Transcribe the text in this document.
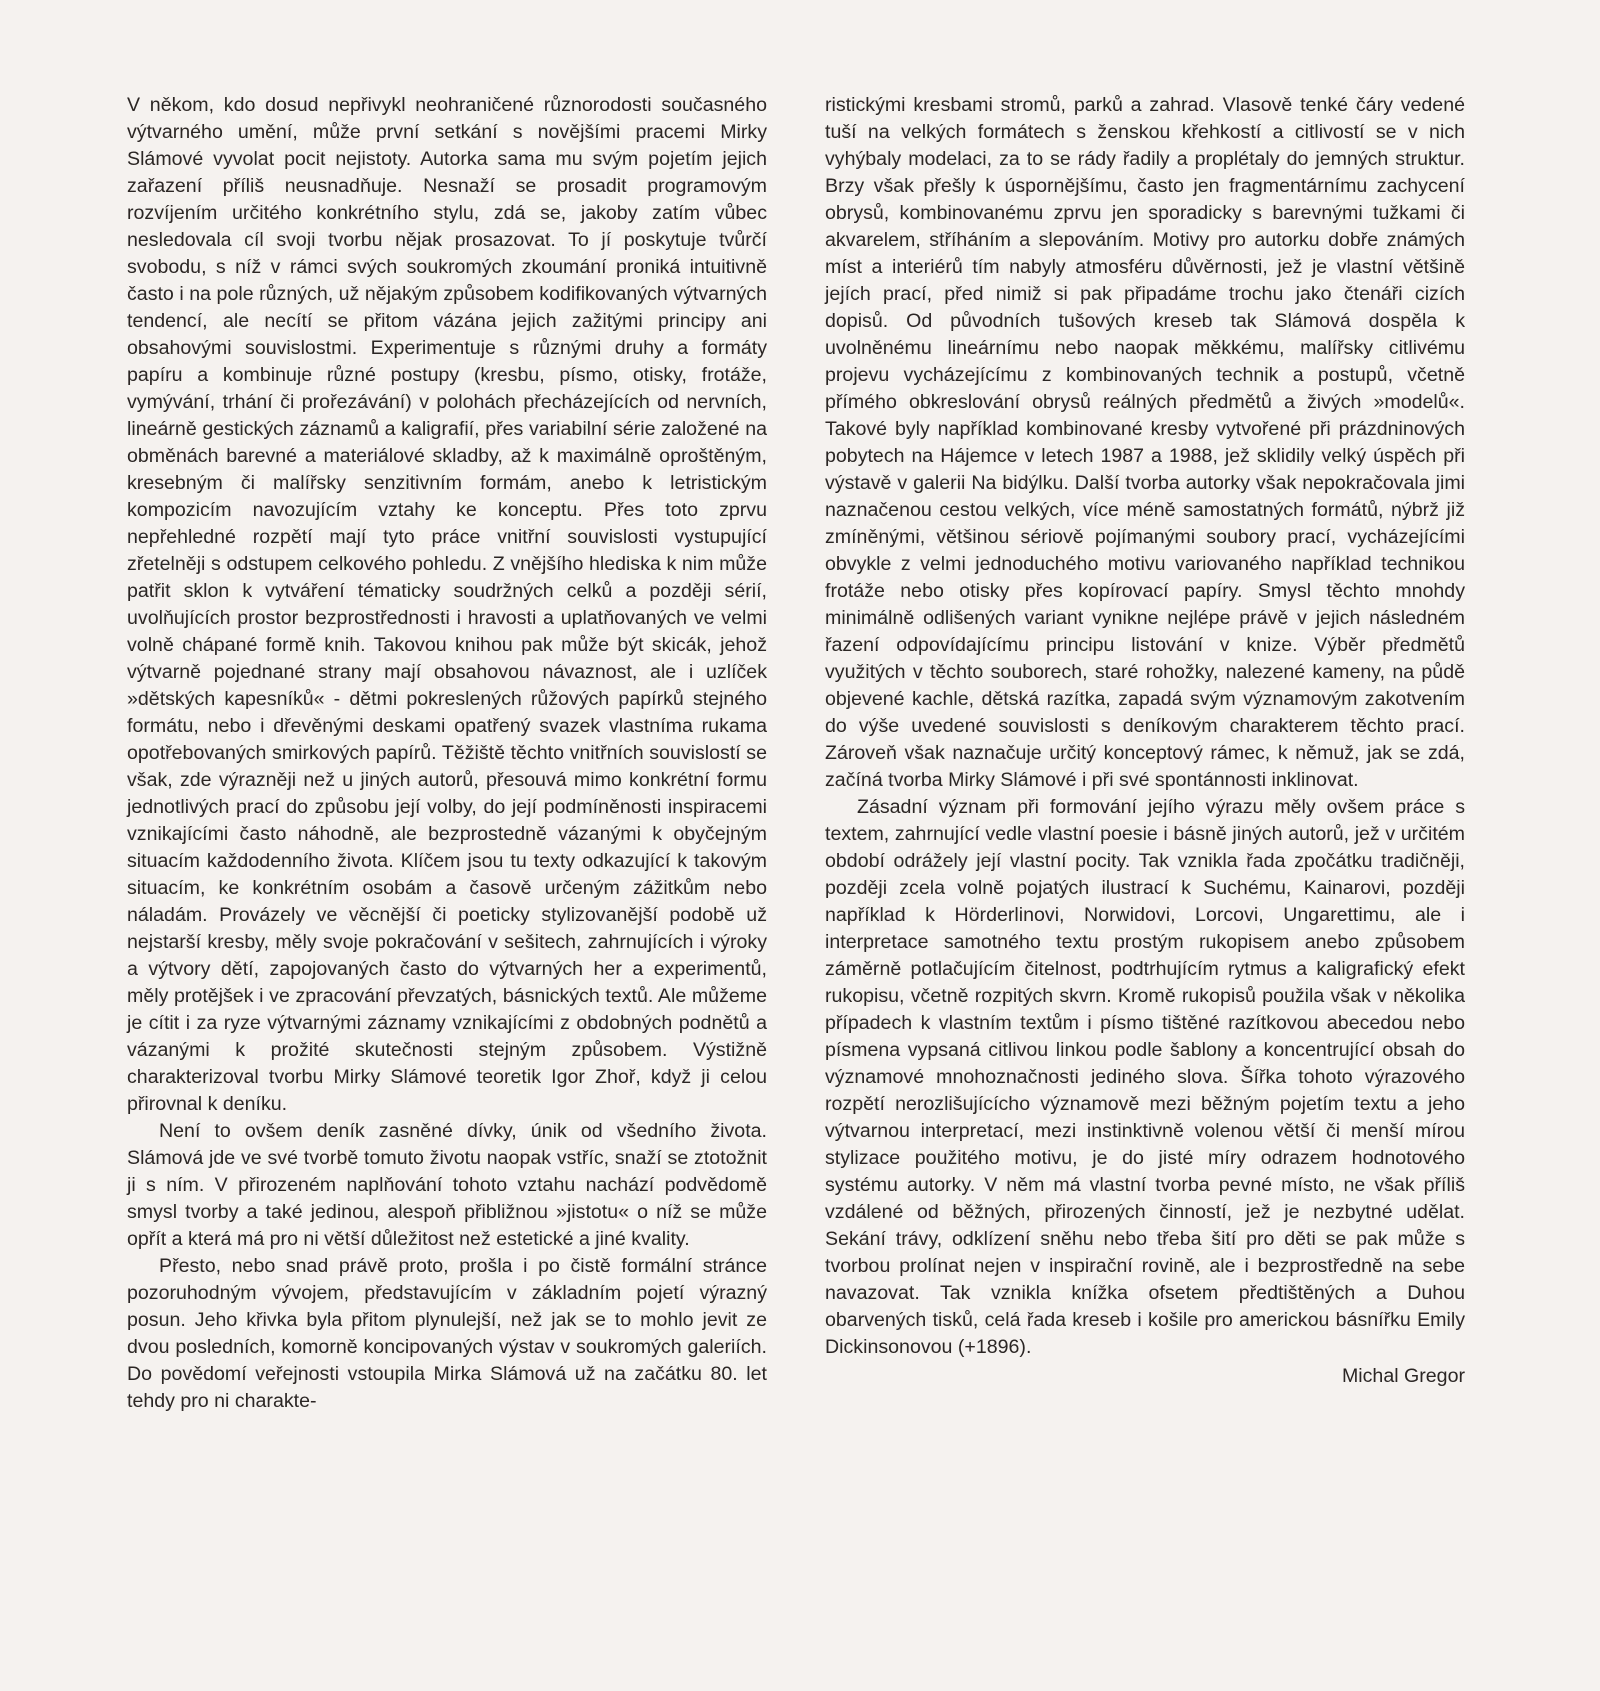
V někom, kdo dosud nepřivykl neohraničené různorodosti současného výtvarného umění, může první setkání s novějšími pracemi Mirky Slámové vyvolat pocit nejistoty. Autorka sama mu svým pojetím jejich zařazení příliš neusnadňuje. Nesnaží se prosadit programovým rozvíjením určitého konkrétního stylu, zdá se, jakoby zatím vůbec nesledovala cíl svoji tvorbu nějak prosazovat. To jí poskytuje tvůrčí svobodu, s níž v rámci svých soukromých zkoumání proniká intuitivně často i na pole různých, už nějakým způsobem kodifikovaných výtvarných tendencí, ale necítí se přitom vázána jejich zažitými principy ani obsahovými souvislostmi. Experimentuje s různými druhy a formáty papíru a kombinuje různé postupy (kresbu, písmo, otisky, frotáže, vymývání, trhání či prořezávání) v polohách přecházejících od nervních, lineárně gestických záznamů a kaligrafií, přes variabilní série založené na obměnách barevné a materiálové skladby, až k maximálně oproštěným, kresebným či malířsky senzitivním formám, anebo k letristickým kompozicím navozujícím vztahy ke konceptu. Přes toto zprvu nepřehledné rozpětí mají tyto práce vnitřní souvislosti vystupující zřetelněji s odstupem celkového pohledu. Z vnějšího hlediska k nim může patřit sklon k vytváření tématicky soudržných celků a později sérií, uvolňujících prostor bezprostřednosti i hravosti a uplatňovaných ve velmi volně chápané formě knih. Takovou knihou pak může být skicák, jehož výtvarně pojednané strany mají obsahovou návaznost, ale i uzlíček »dětských kapesníků« - dětmi pokreslených růžových papírků stejného formátu, nebo i dřevěnými deskami opatřený svazek vlastníma rukama opotřebovaných smirkových papírů. Těžiště těchto vnitřních souvislostí se však, zde výrazněji než u jiných autorů, přesouvá mimo konkrétní formu jednotlivých prací do způsobu její volby, do její podmíněnosti inspiracemi vznikajícími často náhodně, ale bezprostedně vázanými k obyčejným situacím každodenního života. Klíčem jsou tu texty odkazující k takovým situacím, ke konkrétním osobám a časově určeným zážitkům nebo náladám. Provázely ve věcnější či poeticky stylizovanější podobě už nejstarší kresby, měly svoje pokračování v sešitech, zahrnujících i výroky a výtvory dětí, zapojovaných často do výtvarných her a experimentů, měly protějšek i ve zpracování převzatých, básnických textů. Ale můžeme je cítit i za ryze výtvarnými záznamy vznikajícími z obdobných podnětů a vázanými k prožité skutečnosti stejným způsobem. Výstižně charakterizoval tvorbu Mirky Slámové teoretik Igor Zhoř, když ji celou přirovnal k deníku.

Není to ovšem deník zasněné dívky, únik od všedního života. Slámová jde ve své tvorbě tomuto životu naopak vstříc, snaží se ztotožnit ji s ním. V přirozeném naplňování tohoto vztahu nachází podvědomě smysl tvorby a také jedinou, alespoň přibližnou »jistotu« o níž se může opřít a která má pro ni větší důležitost než estetické a jiné kvality.

Přesto, nebo snad právě proto, prošla i po čistě formální stránce pozoruhodným vývojem, představujícím v základním pojetí výrazný posun. Jeho křivka byla přitom plynulejší, než jak se to mohlo jevit ze dvou posledních, komorně koncipovaných výstav v soukromých galeriích. Do povědomí veřejnosti vstoupila Mirka Slámová už na začátku 80. let tehdy pro ni charakte-

ristickými kresbami stromů, parků a zahrad. Vlasově tenké čáry vedené tuší na velkých formátech s ženskou křehkostí a citlivostí se v nich vyhýbaly modelaci, za to se rády řadily a proplétaly do jemných struktur. Brzy však přešly k úspornějšímu, často jen fragmentárnímu zachycení obrysů, kombinovanému zprvu jen sporadicky s barevnými tužkami či akvarelem, stříháním a slepováním. Motivy pro autorku dobře známých míst a interiérů tím nabyly atmosféru důvěrnosti, jež je vlastní většině jejích prací, před nimiž si pak připadáme trochu jako čtenáři cizích dopisů. Od původních tušových kreseb tak Slámová dospěla k uvolněnému lineárnímu nebo naopak měkkému, malířsky citlivému projevu vycházejícímu z kombinovaných technik a postupů, včetně přímého obkreslování obrysů reálných předmětů a živých »modelů«. Takové byly například kombinované kresby vytvořené při prázdninových pobytech na Hájemce v letech 1987 a 1988, jež sklidily velký úspěch při výstavě v galerii Na bidýlku. Další tvorba autorky však nepokračovala jimi naznačenou cestou velkých, více méně samostatných formátů, nýbrž již zmíněnými, většinou sériově pojímanými soubory prací, vycházejícími obvykle z velmi jednoduchého motivu variovaného například technikou frotáže nebo otisky přes kopírovací papíry. Smysl těchto mnohdy minimálně odlišených variant vynikne nejlépe právě v jejich následném řazení odpovídajícímu principu listování v knize. Výběr předmětů využitých v těchto souborech, staré rohožky, nalezené kameny, na půdě objevené kachle, dětská razítka, zapadá svým významovým zakotvením do výše uvedené souvislosti s deníkovým charakterem těchto prací. Zároveň však naznačuje určitý konceptový rámec, k němuž, jak se zdá, začíná tvorba Mirky Slámové i při své spontánnosti inklinovat.

Zásadní význam při formování jejího výrazu měly ovšem práce s textem, zahrnující vedle vlastní poesie i básně jiných autorů, jež v určitém období odrážely její vlastní pocity. Tak vznikla řada zpočátku tradičněji, později zcela volně pojatých ilustrací k Suchému, Kainarovi, později například k Hörderlinovi, Norwidovi, Lorcovi, Ungarettimu, ale i interpretace samotného textu prostým rukopisem anebo způsobem záměrně potlačujícím čitelnost, podtrhujícím rytmus a kaligrafický efekt rukopisu, včetně rozpitých skvrn. Kromě rukopisů použila však v několika případech k vlastním textům i písmo tištěné razítkovou abecedou nebo písmena vypsaná citlivou linkou podle šablony a koncentrující obsah do významové mnohoznačnosti jediného slova. Šířka tohoto výrazového rozpětí nerozlišujícícho významově mezi běžným pojetím textu a jeho výtvarnou interpretací, mezi instinktivně volenou větší či menší mírou stylizace použitého motivu, je do jisté míry odrazem hodnotového systému autorky. V něm má vlastní tvorba pevné místo, ne však příliš vzdálené od běžných, přirozených činností, jež je nezbytné udělat. Sekání trávy, odklízení sněhu nebo třeba šití pro děti se pak může s tvorbou prolínat nejen v inspirační rovině, ale i bezprostředně na sebe navazovat. Tak vznikla knížka ofsetem předtištěných a Duhou obarvených tisků, celá řada kreseb i košile pro americkou básnířku Emily Dickinsonovou (+1896).

Michal Gregor
